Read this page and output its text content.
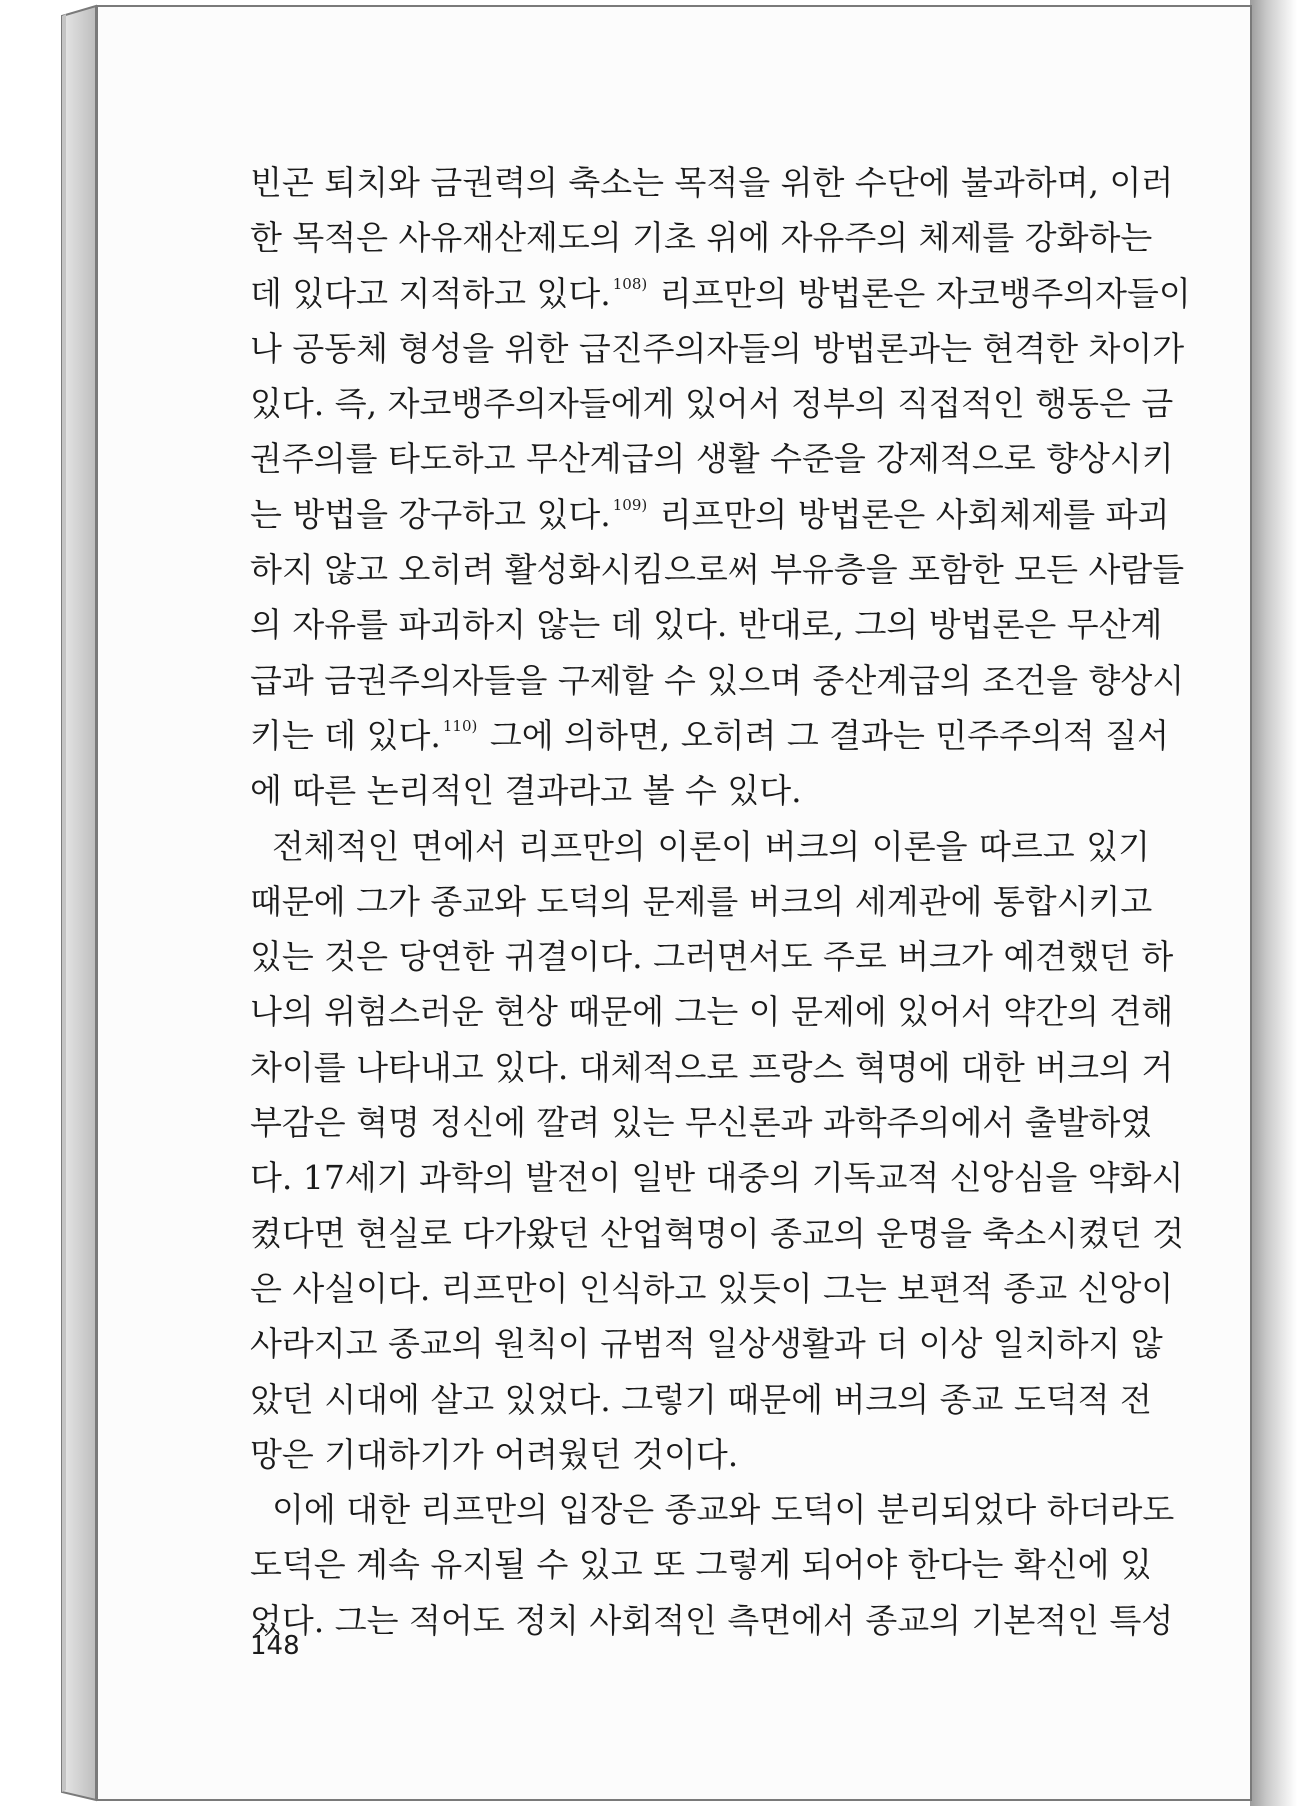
빈곤 퇴치와 금권력의 축소는 목적을 위한 수단에 불과하며, 이러
한 목적은 사유재산제도의 기초 위에 자유주의 체제를 강화하는
데 있다고 지적하고 있다. $^{108)}$ 리프만의 방법론은 자코뱅주의자들이
나 공동체 형성을 위한 급진주의자들의 방법론과는 현격한 차이가
있다. 즉, 자코뱅주의자들에게 있어서 정부의 직접적인 행동은 금
권주의를 타도하고 무산계급의 생활 수준을 강제적으로 향상시키
는 방법을 강구하고 있다. $^{109)}$ 리프만의 방법론은 사회체제를 파괴
하지 않고 오히려 활성화시킴으로써 부유층을 포함한 모든 사람들
의 자유를 파괴하지 않는 데 있다. 반대로, 그의 방법론은 무산계
급과 금권주의자들을 구제할 수 있으며 중산계급의 조건을 향상시
키는 데 있다. $^{110)}$ 그에 의하면, 오히려 그 결과는 민주주의적 질서
에 따른 논리적인 결과라고 볼 수 있다.
전체적인 면에서 리프만의 이론이 버크의 이론을 따르고 있기
때문에 그가 종교와 도덕의 문제를 버크의 세계관에 통합시키고
있는 것은 당연한 귀결이다. 그러면서도 주로 버크가 예견했던 하
나의 위험스러운 현상 때문에 그는 이 문제에 있어서 약간의 견해
차이를 나타내고 있다. 대체적으로 프랑스 혁명에 대한 버크의 거
부감은 혁명 정신에 깔려 있는 무신론과 과학주의에서 출발하였
다. 17세기 과학의 발전이 일반 대중의 기독교적 신앙심을 약화시
켰다면 현실로 다가왔던 산업혁명이 종교의 운명을 축소시켰던 것
은 사실이다. 리프만이 인식하고 있듯이 그는 보편적 종교 신앙이
사라지고 종교의 원칙이 규범적 일상생활과 더 이상 일치하지 않
았던 시대에 살고 있었다. 그렇기 때문에 버크의 종교 도덕적 전
망은 기대하기가 어려웠던 것이다.
이에 대한 리프만의 입장은 종교와 도덕이 분리되었다 하더라도
도덕은 계속 유지될 수 있고 또 그렇게 되어야 한다는 확신에 있
었다. 그는 적어도 정치 사회적인 측면에서 종교의 기본적인 특성
148
